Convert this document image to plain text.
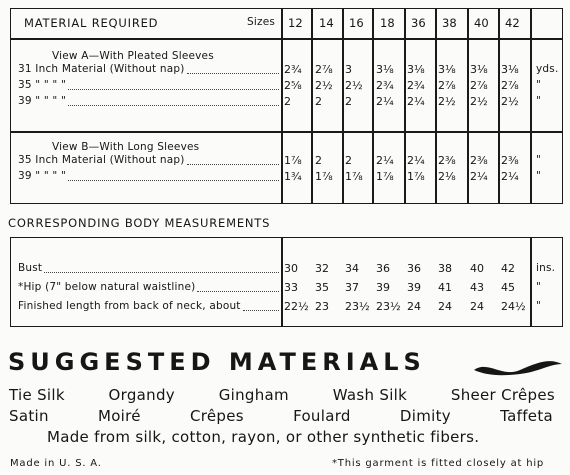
MATERIAL REQUIRED	Sizes 12	14	16	18	36	38	40	42
View A—With Pleated Sleeves
31 Inch Material (Without nap)	2¾	2⅞	3	3⅛	3⅛	3⅛	3⅛	3⅛	yds.
35 " " " "	2⅝	2½	2½	2¾	2¾	2⅞	2⅞	2⅞	"
39 " " " "	2	2	2	2¼	2¼	2½	2½	2½	"
View B—With Long Sleeves
35 Inch Material (Without nap)	1⅞	2	2	2¼	2¼	2⅜	2⅜	2⅜	"
39 " " " "	1¾	1⅞	1⅞	1⅞	1⅞	2⅛	2¼	2¼	"
CORRESPONDING BODY MEASUREMENTS
Bust	30	32	34	36	36	38	40	42	ins.
*Hip (7" below natural waistline)	33	35	37	39	39	41	43	45	"
Finished length from back of neck, about	22½ 23	23½ 23½ 24	24	24	24½ "
SUGGESTED MATERIALS
Tie Silk	Organdy	Gingham	Wash Silk	Sheer Crêpes
Satin	Moiré	Crêpes	Foulard	Dimity	Taffeta
Made from silk, cotton, rayon, or other synthetic fibers.
Made in U. S. A.	*This garment is fitted closely at hip
